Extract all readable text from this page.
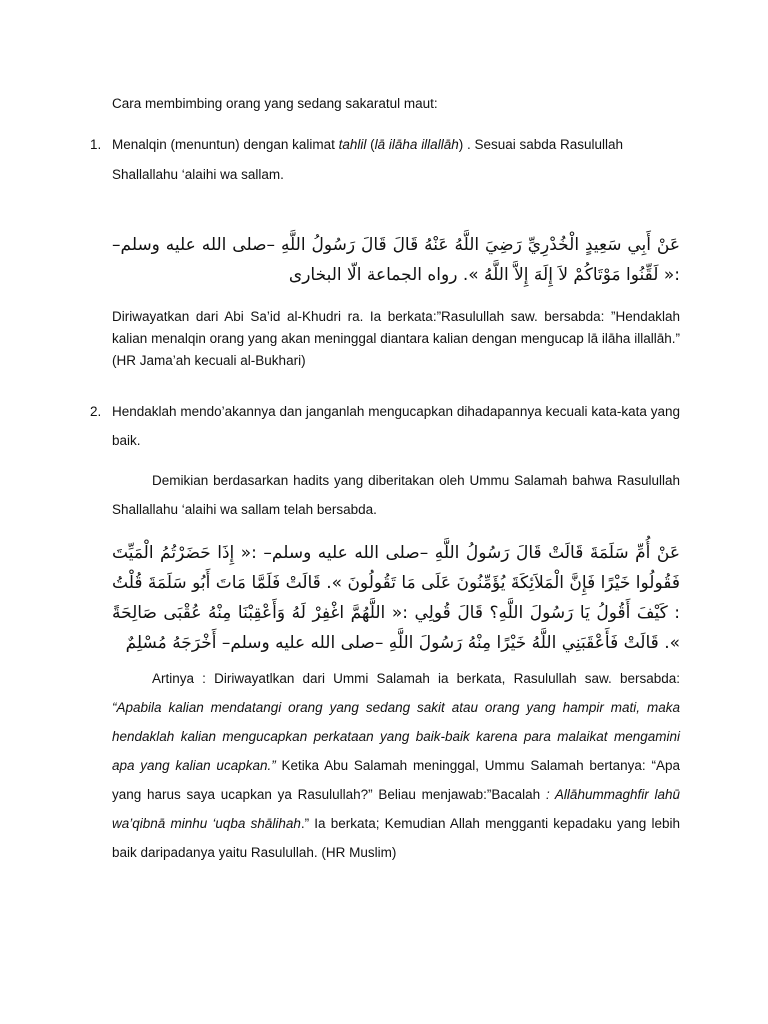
Cara membimbing orang yang sedang sakaratul maut:
1. Menalqin (menuntun) dengan kalimat tahlil (lā ilāha illallāh) . Sesuai sabda Rasulullah
Shallallahu ‘alaihi wa sallam.
عَنْ أَبِي سَعِيدٍ الْخُدْرِيِّ رَضِيَ اللَّهُ عَنْهُ قَالَ قَالَ رَسُولُ اللَّهِ –صلى الله عليه وسلم– :« لَقِّنُوا مَوْتَاكُمْ لاَ إِلَهَ إِلاَّ اللَّهُ ». رواه الجماعة الّا البخارى
Diriwayatkan dari Abi Sa’id al-Khudri ra. Ia berkata:”Rasulullah saw. bersabda: ”Hendaklah kalian menalqin orang yang akan meninggal diantara kalian dengan mengucap lā ilāha illallāh.” (HR Jama’ah kecuali al-Bukhari)
2. Hendaklah mendo’akannya dan janganlah mengucapkan dihadapannya kecuali kata-kata yang baik.
Demikian berdasarkan hadits yang diberitakan oleh Ummu Salamah bahwa Rasulullah Shallallahu ‘alaihi wa sallam telah bersabda.
عَنْ أُمِّ سَلَمَةَ قَالَتْ قَالَ رَسُولُ اللَّهِ –صلى الله عليه وسلم– :« إِذَا حَضَرْتُمُ الْمَيِّتَ فَقُولُوا خَيْرًا فَإِنَّ الْمَلاَئِكَةَ يُؤَمِّنُونَ عَلَى مَا تَقُولُونَ ». قَالَتْ فَلَمَّا مَاتَ أَبُو سَلَمَةَ قُلْتُ : كَيْفَ أَقُولُ يَا رَسُولَ اللَّهِ؟ قَالَ قُولِي :« اللَّهُمَّ اغْفِرْ لَهُ وَأَعْقِبْنَا مِنْهُ عُقْبَى صَالِحَةً ». قَالَتْ فَأَعْقَبَنِي اللَّهُ خَيْرًا مِنْهُ رَسُولَ اللَّهِ –صلى الله عليه وسلم– أَخْرَجَهُ مُسْلِمٌ
Artinya : Diriwayatlkan dari Ummi Salamah ia berkata, Rasulullah saw. bersabda: “Apabila kalian mendatangi orang yang sedang sakit atau orang yang hampir mati, maka hendaklah kalian mengucapkan perkataan yang baik-baik karena para malaikat mengamini apa yang kalian ucapkan.” Ketika Abu Salamah meninggal, Ummu Salamah bertanya: “Apa yang harus saya ucapkan ya Rasulullah?” Beliau menjawab:”Bacalah : Allāhummaghfir lahū wa’qibnā minhu ‘uqba shālihah.” Ia berkata; Kemudian Allah mengganti kepadaku yang lebih baik daripadanya yaitu Rasulullah. (HR Muslim)
